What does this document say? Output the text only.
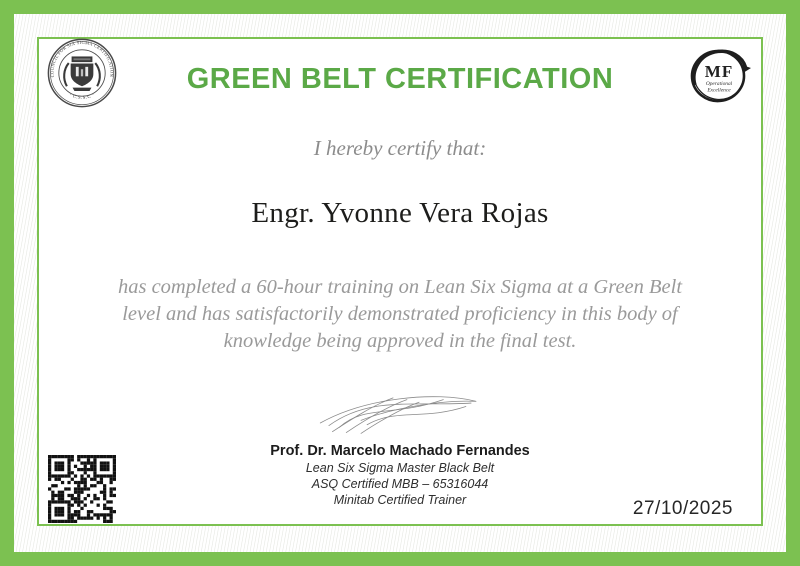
COUNCIL FOR SIX SIGMA CERTIFICATION
· C.S.S.C ·
MF
Operational
Excellence
GREEN BELT CERTIFICATION

I hereby certify that:

Engr. Yvonne Vera Rojas

has completed a 60-hour training on Lean Six Sigma at a Green Belt level and has satisfactorily demonstrated proficiency in this body of knowledge being approved in the final test.

Prof. Dr. Marcelo Machado Fernandes

Lean Six Sigma Master Black Belt

ASQ Certified MBB – 65316044

Minitab Certified Trainer	27/10/2025
